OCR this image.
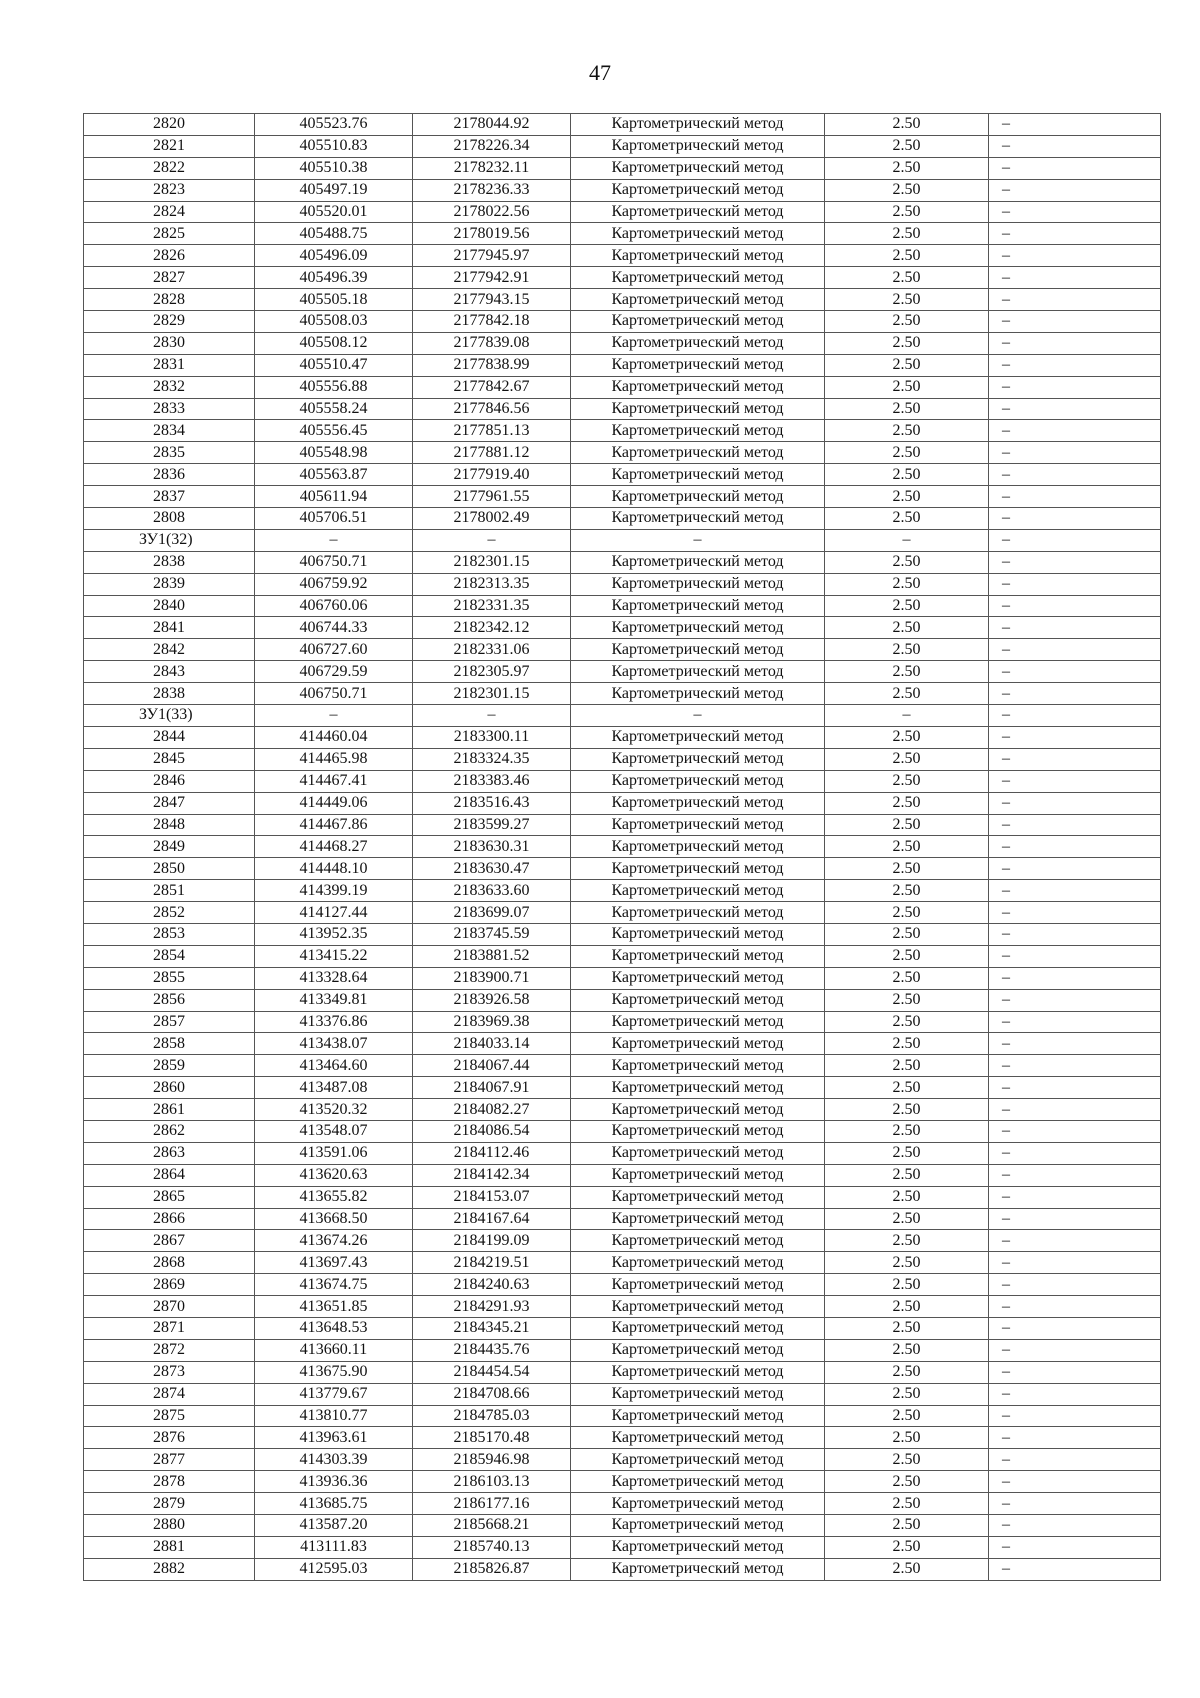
47
2820	405523.76	2178044.92	Картометрический метод	2.50	–
2821	405510.83	2178226.34	Картометрический метод	2.50	–
2822	405510.38	2178232.11	Картометрический метод	2.50	–
2823	405497.19	2178236.33	Картометрический метод	2.50	–
2824	405520.01	2178022.56	Картометрический метод	2.50	–
2825	405488.75	2178019.56	Картометрический метод	2.50	–
2826	405496.09	2177945.97	Картометрический метод	2.50	–
2827	405496.39	2177942.91	Картометрический метод	2.50	–
2828	405505.18	2177943.15	Картометрический метод	2.50	–
2829	405508.03	2177842.18	Картометрический метод	2.50	–
2830	405508.12	2177839.08	Картометрический метод	2.50	–
2831	405510.47	2177838.99	Картометрический метод	2.50	–
2832	405556.88	2177842.67	Картометрический метод	2.50	–
2833	405558.24	2177846.56	Картометрический метод	2.50	–
2834	405556.45	2177851.13	Картометрический метод	2.50	–
2835	405548.98	2177881.12	Картометрический метод	2.50	–
2836	405563.87	2177919.40	Картометрический метод	2.50	–
2837	405611.94	2177961.55	Картометрический метод	2.50	–
2808	405706.51	2178002.49	Картометрический метод	2.50	–
ЗУ1(32)	–	–	–	–	–
2838	406750.71	2182301.15	Картометрический метод	2.50	–
2839	406759.92	2182313.35	Картометрический метод	2.50	–
2840	406760.06	2182331.35	Картометрический метод	2.50	–
2841	406744.33	2182342.12	Картометрический метод	2.50	–
2842	406727.60	2182331.06	Картометрический метод	2.50	–
2843	406729.59	2182305.97	Картометрический метод	2.50	–
2838	406750.71	2182301.15	Картометрический метод	2.50	–
ЗУ1(33)	–	–	–	–	–
2844	414460.04	2183300.11	Картометрический метод	2.50	–
2845	414465.98	2183324.35	Картометрический метод	2.50	–
2846	414467.41	2183383.46	Картометрический метод	2.50	–
2847	414449.06	2183516.43	Картометрический метод	2.50	–
2848	414467.86	2183599.27	Картометрический метод	2.50	–
2849	414468.27	2183630.31	Картометрический метод	2.50	–
2850	414448.10	2183630.47	Картометрический метод	2.50	–
2851	414399.19	2183633.60	Картометрический метод	2.50	–
2852	414127.44	2183699.07	Картометрический метод	2.50	–
2853	413952.35	2183745.59	Картометрический метод	2.50	–
2854	413415.22	2183881.52	Картометрический метод	2.50	–
2855	413328.64	2183900.71	Картометрический метод	2.50	–
2856	413349.81	2183926.58	Картометрический метод	2.50	–
2857	413376.86	2183969.38	Картометрический метод	2.50	–
2858	413438.07	2184033.14	Картометрический метод	2.50	–
2859	413464.60	2184067.44	Картометрический метод	2.50	–
2860	413487.08	2184067.91	Картометрический метод	2.50	–
2861	413520.32	2184082.27	Картометрический метод	2.50	–
2862	413548.07	2184086.54	Картометрический метод	2.50	–
2863	413591.06	2184112.46	Картометрический метод	2.50	–
2864	413620.63	2184142.34	Картометрический метод	2.50	–
2865	413655.82	2184153.07	Картометрический метод	2.50	–
2866	413668.50	2184167.64	Картометрический метод	2.50	–
2867	413674.26	2184199.09	Картометрический метод	2.50	–
2868	413697.43	2184219.51	Картометрический метод	2.50	–
2869	413674.75	2184240.63	Картометрический метод	2.50	–
2870	413651.85	2184291.93	Картометрический метод	2.50	–
2871	413648.53	2184345.21	Картометрический метод	2.50	–
2872	413660.11	2184435.76	Картометрический метод	2.50	–
2873	413675.90	2184454.54	Картометрический метод	2.50	–
2874	413779.67	2184708.66	Картометрический метод	2.50	–
2875	413810.77	2184785.03	Картометрический метод	2.50	–
2876	413963.61	2185170.48	Картометрический метод	2.50	–
2877	414303.39	2185946.98	Картометрический метод	2.50	–
2878	413936.36	2186103.13	Картометрический метод	2.50	–
2879	413685.75	2186177.16	Картометрический метод	2.50	–
2880	413587.20	2185668.21	Картометрический метод	2.50	–
2881	413111.83	2185740.13	Картометрический метод	2.50	–
2882	412595.03	2185826.87	Картометрический метод	2.50	–
